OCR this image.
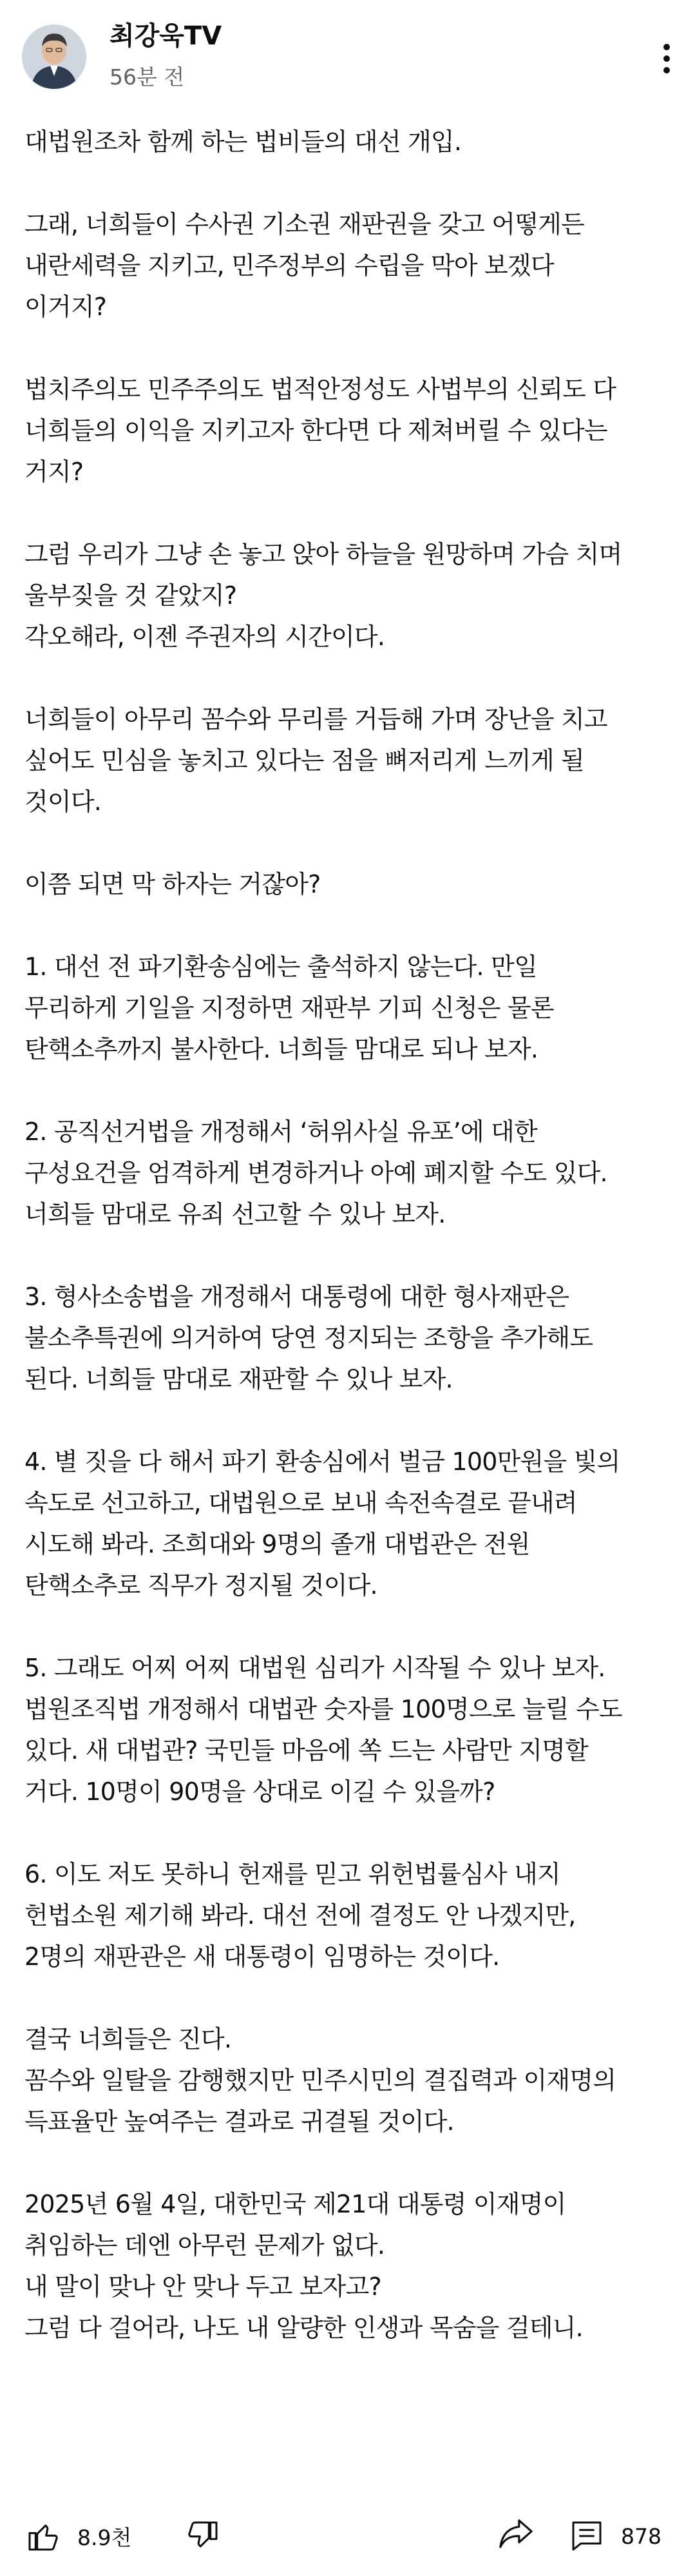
최강욱TV
56분 전
대법원조차 함께 하는 법비들의 대선 개입.
그래, 너희들이 수사권 기소권 재판권을 갖고 어떻게든
내란세력을 지키고, 민주정부의 수립을 막아 보겠다
이거지?
법치주의도 민주주의도 법적안정성도 사법부의 신뢰도 다
너희들의 이익을 지키고자 한다면 다 제쳐버릴 수 있다는
거지?
그럼 우리가 그냥 손 놓고 앉아 하늘을 원망하며 가슴 치며
울부짖을 것 같았지?
각오해라, 이젠 주권자의 시간이다.
너희들이 아무리 꼼수와 무리를 거듭해 가며 장난을 치고
싶어도 민심을 놓치고 있다는 점을 뼈저리게 느끼게 될
것이다.
이쯤 되면 막 하자는 거잖아?
1. 대선 전 파기환송심에는 출석하지 않는다. 만일
무리하게 기일을 지정하면 재판부 기피 신청은 물론
탄핵소추까지 불사한다. 너희들 맘대로 되나 보자.
2. 공직선거법을 개정해서 ‘허위사실 유포’에 대한
구성요건을 엄격하게 변경하거나 아예 폐지할 수도 있다.
너희들 맘대로 유죄 선고할 수 있나 보자.
3. 형사소송법을 개정해서 대통령에 대한 형사재판은
불소추특권에 의거하여 당연 정지되는 조항을 추가해도
된다. 너희들 맘대로 재판할 수 있나 보자.
4. 별 짓을 다 해서 파기 환송심에서 벌금 100만원을 빛의
속도로 선고하고, 대법원으로 보내 속전속결로 끝내려
시도해 봐라. 조희대와 9명의 졸개 대법관은 전원
탄핵소추로 직무가 정지될 것이다.
5. 그래도 어찌 어찌 대법원 심리가 시작될 수 있나 보자.
법원조직법 개정해서 대법관 숫자를 100명으로 늘릴 수도
있다. 새 대법관? 국민들 마음에 쏙 드는 사람만 지명할
거다. 10명이 90명을 상대로 이길 수 있을까?
6. 이도 저도 못하니 헌재를 믿고 위헌법률심사 내지
헌법소원 제기해 봐라. 대선 전에 결정도 안 나겠지만,
2명의 재판관은 새 대통령이 임명하는 것이다.
결국 너희들은 진다.
꼼수와 일탈을 감행했지만 민주시민의 결집력과 이재명의
득표율만 높여주는 결과로 귀결될 것이다.
2025년 6월 4일, 대한민국 제21대 대통령 이재명이
취임하는 데엔 아무런 문제가 없다.
내 말이 맞나 안 맞나 두고 보자고?
그럼 다 걸어라, 나도 내 알량한 인생과 목숨을 걸테니.
8.9천	878
